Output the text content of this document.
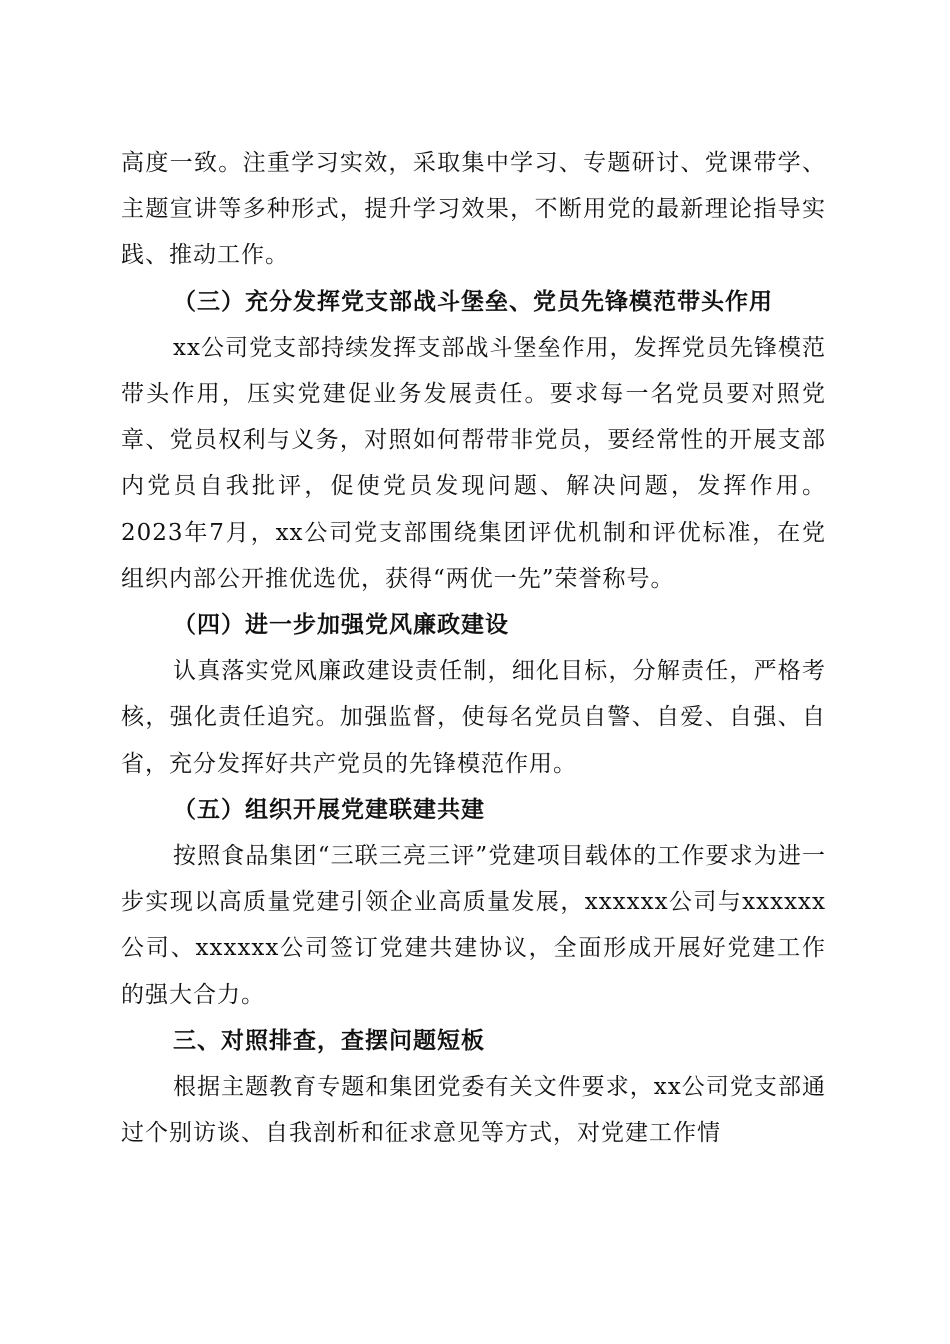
高度一致。注重学习实效，采取集中学习、专题研讨、党课带学、主题宣讲等多种形式，提升学习效果，不断用党的最新理论指导实践、推动工作。

（三）充分发挥党支部战斗堡垒、党员先锋模范带头作用

xx公司党支部持续发挥支部战斗堡垒作用，发挥党员先锋模范带头作用，压实党建促业务发展责任。要求每一名党员要对照党章、党员权利与义务，对照如何帮带非党员，要经常性的开展支部内党员自我批评，促使党员发现问题、解决问题，发挥作用。2023年7月，xx公司党支部围绕集团评优机制和评优标准，在党组织内部公开推优选优，获得“两优一先”荣誉称号。

（四）进一步加强党风廉政建设

认真落实党风廉政建设责任制，细化目标，分解责任，严格考核，强化责任追究。加强监督，使每名党员自警、自爱、自强、自省，充分发挥好共产党员的先锋模范作用。

（五）组织开展党建联建共建

按照食品集团“三联三亮三评”党建项目载体的工作要求为进一步实现以高质量党建引领企业高质量发展，xxxxxx公司与xxxxxx公司、xxxxxx公司签订党建共建协议，全面形成开展好党建工作的强大合力。

三、对照排查，查摆问题短板

根据主题教育专题和集团党委有关文件要求，xx公司党支部通过个别访谈、自我剖析和征求意见等方式，对党建工作情
